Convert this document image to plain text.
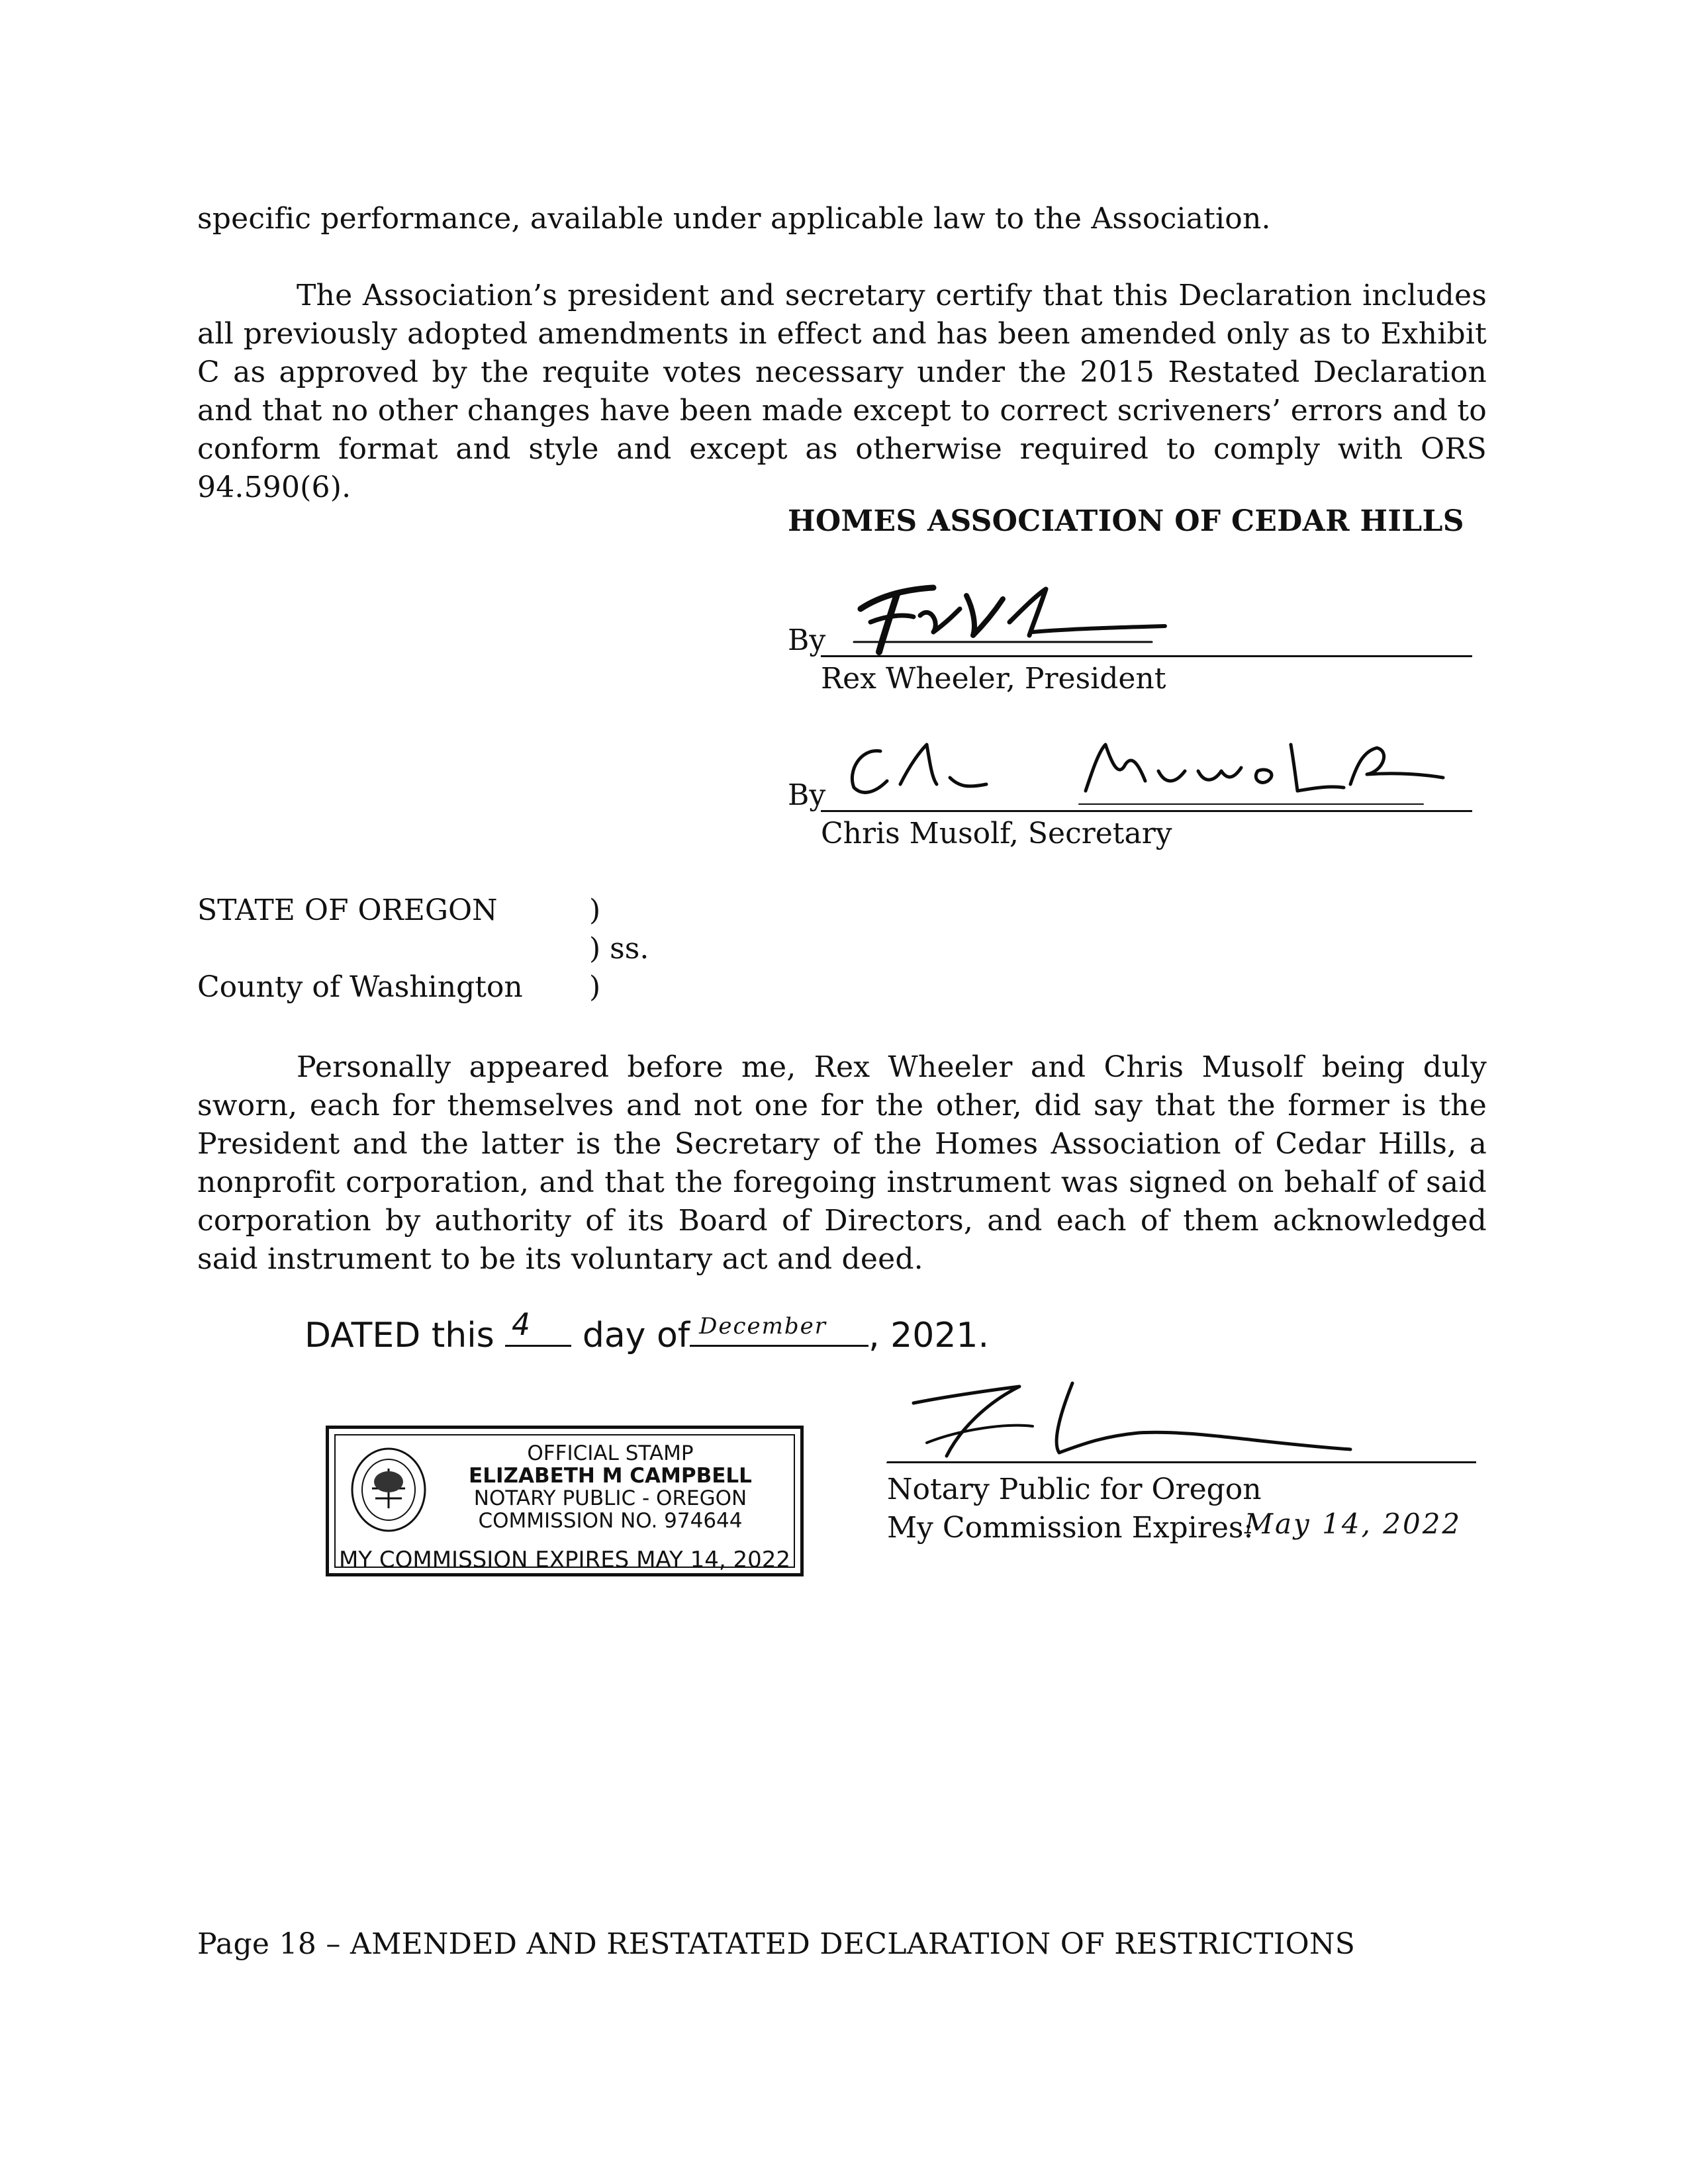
specific performance, available under applicable law to the Association.
The Association’s president and secretary certify that this Declaration includes all previously adopted amendments in effect and has been amended only as to Exhibit C as approved by the requite votes necessary under the 2015 Restated Declaration and that no other changes have been made except to correct scriveners’ errors and to conform format and style and except as otherwise required to comply with ORS 94.590(6).
HOMES ASSOCIATION OF CEDAR HILLS
By
Rex Wheeler, President
By
Chris Musolf, Secretary
STATE OF OREGON	)
) ss.
County of Washington )
Personally appeared before me, Rex Wheeler and Chris Musolf being duly sworn, each for themselves and not one for the other, did say that the former is the President and the latter is the Secretary of the Homes Association of Cedar Hills, a nonprofit corporation, and that the foregoing instrument was signed on behalf of said corporation by authority of its Board of Directors, and each of them acknowledged said instrument to be its voluntary act and deed.
DATED this 4 day of December , 2021.
OFFICIAL STAMP
ELIZABETH M CAMPBELL
NOTARY PUBLIC - OREGON
COMMISSION NO. 974644
MY COMMISSION EXPIRES MAY 14, 2022
Notary Public for Oregon
My Commission Expires:
May 14, 2022
Page 18 – AMENDED AND RESTATATED DECLARATION OF RESTRICTIONS
